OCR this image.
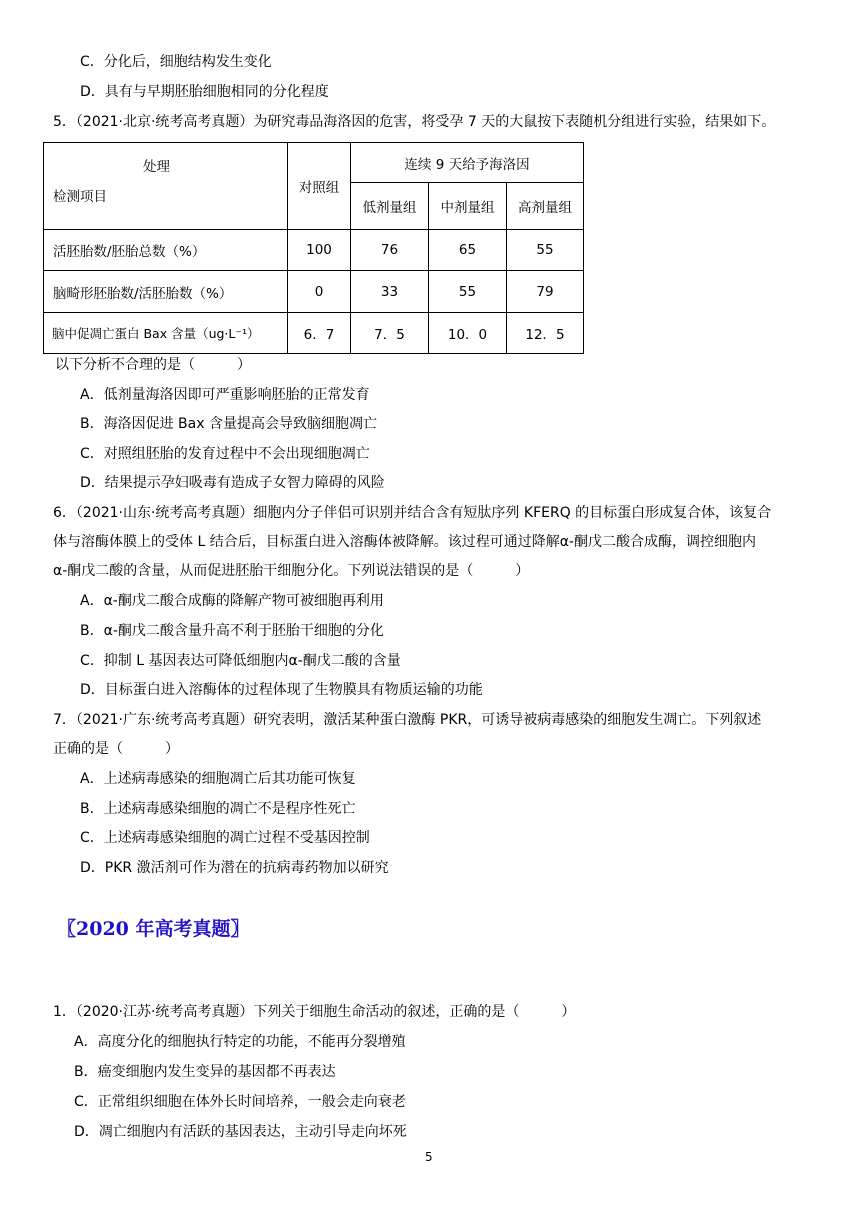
C．分化后，细胞结构发生变化
D．具有与早期胚胎细胞相同的分化程度
5．（2021·北京·统考高考真题）为研究毒品海洛因的危害，将受孕 7 天的大鼠按下表随机分组进行实验，结果如下。
处理
检测项目	对照组	连续 9 天给予海洛因		
		低剂量组	中剂量组	高剂量组
活胚胎数/胚胎总数（%）	100	76	65	55
脑畸形胚胎数/活胚胎数（%）	0	33	55	79
脑中促凋亡蛋白 Bax 含量（ug·L⁻¹）	6．7	7．5	10．0	12．5
以下分析不合理的是（　　　）
A．低剂量海洛因即可严重影响胚胎的正常发育
B．海洛因促进 Bax 含量提高会导致脑细胞凋亡
C．对照组胚胎的发育过程中不会出现细胞凋亡
D．结果提示孕妇吸毒有造成子女智力障碍的风险
6．（2021·山东·统考高考真题）细胞内分子伴侣可识别并结合含有短肽序列 KFERQ 的目标蛋白形成复合体，该复合
体与溶酶体膜上的受体 L 结合后，目标蛋白进入溶酶体被降解。该过程可通过降解α-酮戊二酸合成酶，调控细胞内
α-酮戊二酸的含量，从而促进胚胎干细胞分化。下列说法错误的是（　　　）
A．α-酮戊二酸合成酶的降解产物可被细胞再利用
B．α-酮戊二酸含量升高不利于胚胎干细胞的分化
C．抑制 L 基因表达可降低细胞内α-酮戊二酸的含量
D．目标蛋白进入溶酶体的过程体现了生物膜具有物质运输的功能
7．（2021·广东·统考高考真题）研究表明，激活某种蛋白激酶 PKR，可诱导被病毒感染的细胞发生凋亡。下列叙述
正确的是（　　　）
A．上述病毒感染的细胞凋亡后其功能可恢复
B．上述病毒感染细胞的凋亡不是程序性死亡
C．上述病毒感染细胞的凋亡过程不受基因控制
D．PKR 激活剂可作为潜在的抗病毒药物加以研究
〖2020 年高考真题〗
1．（2020·江苏·统考高考真题）下列关于细胞生命活动的叙述，正确的是（　　　）
A．高度分化的细胞执行特定的功能，不能再分裂增殖
B．癌变细胞内发生变异的基因都不再表达
C．正常组织细胞在体外长时间培养，一般会走向衰老
D．凋亡细胞内有活跃的基因表达，主动引导走向坏死
5
